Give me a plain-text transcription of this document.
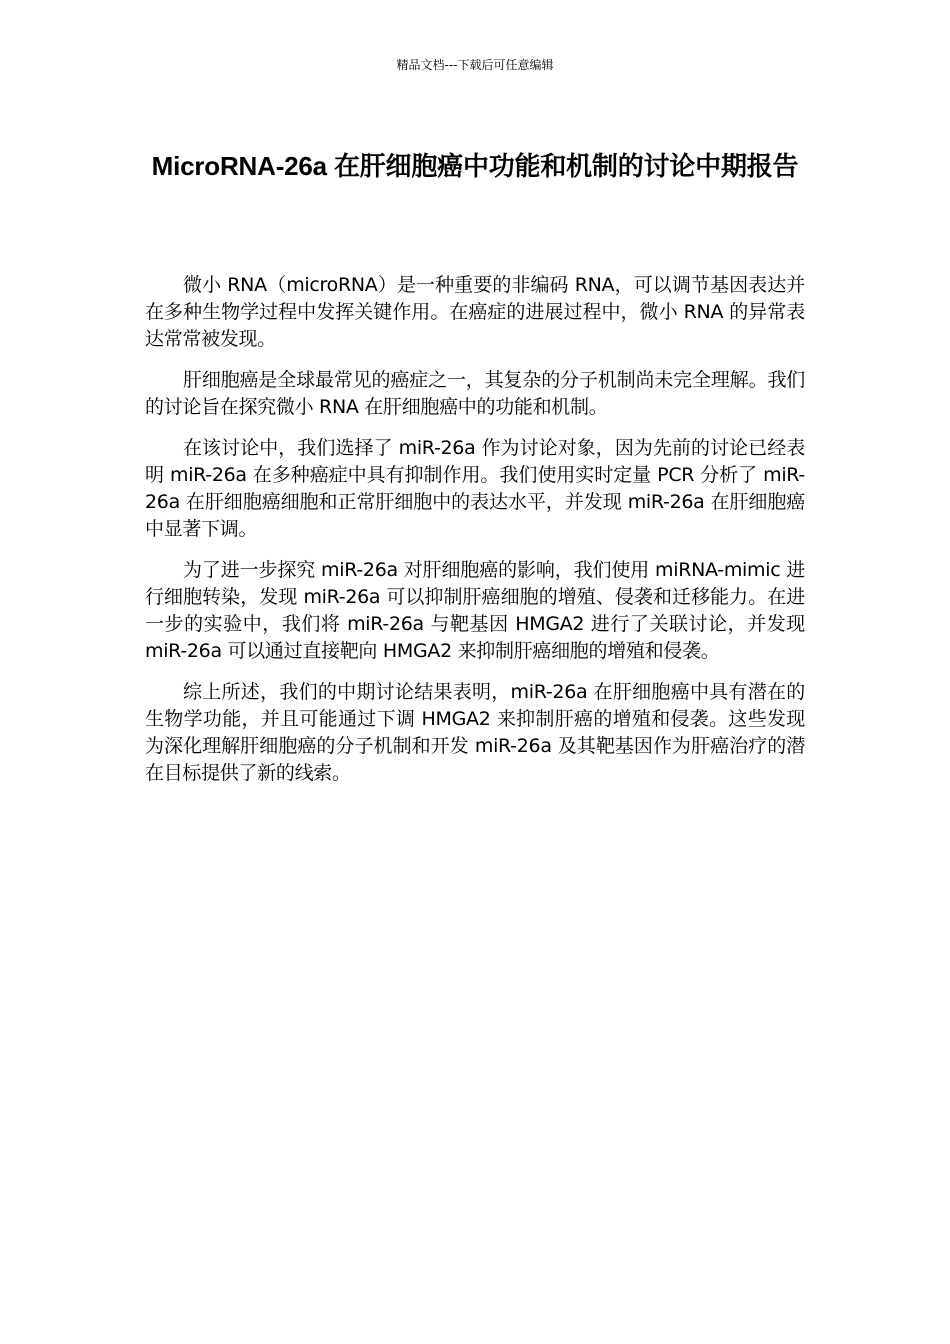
精品文档---下载后可任意编辑
MicroRNA-26a 在肝细胞癌中功能和机制的讨论中期报告

微小 RNA（microRNA）是一种重要的非编码 RNA，可以调节基因表达并在多种生物学过程中发挥关键作用。在癌症的进展过程中，微小 RNA 的异常表达常常被发现。

肝细胞癌是全球最常见的癌症之一，其复杂的分子机制尚未完全理解。我们的讨论旨在探究微小 RNA 在肝细胞癌中的功能和机制。

在该讨论中，我们选择了 miR-26a 作为讨论对象，因为先前的讨论已经表明 miR-26a 在多种癌症中具有抑制作用。我们使用实时定量 PCR 分析了 miR-26a 在肝细胞癌细胞和正常肝细胞中的表达水平，并发现 miR-26a 在肝细胞癌中显著下调。

为了进一步探究 miR-26a 对肝细胞癌的影响，我们使用 miRNA-mimic 进行细胞转染，发现 miR-26a 可以抑制肝癌细胞的增殖、侵袭和迁移能力。在进一步的实验中，我们将 miR-26a 与靶基因 HMGA2 进行了关联讨论，并发现 miR-26a 可以通过直接靶向 HMGA2 来抑制肝癌细胞的增殖和侵袭。

综上所述，我们的中期讨论结果表明，miR-26a 在肝细胞癌中具有潜在的生物学功能，并且可能通过下调 HMGA2 来抑制肝癌的增殖和侵袭。这些发现为深化理解肝细胞癌的分子机制和开发 miR-26a 及其靶基因作为肝癌治疗的潜在目标提供了新的线索。
